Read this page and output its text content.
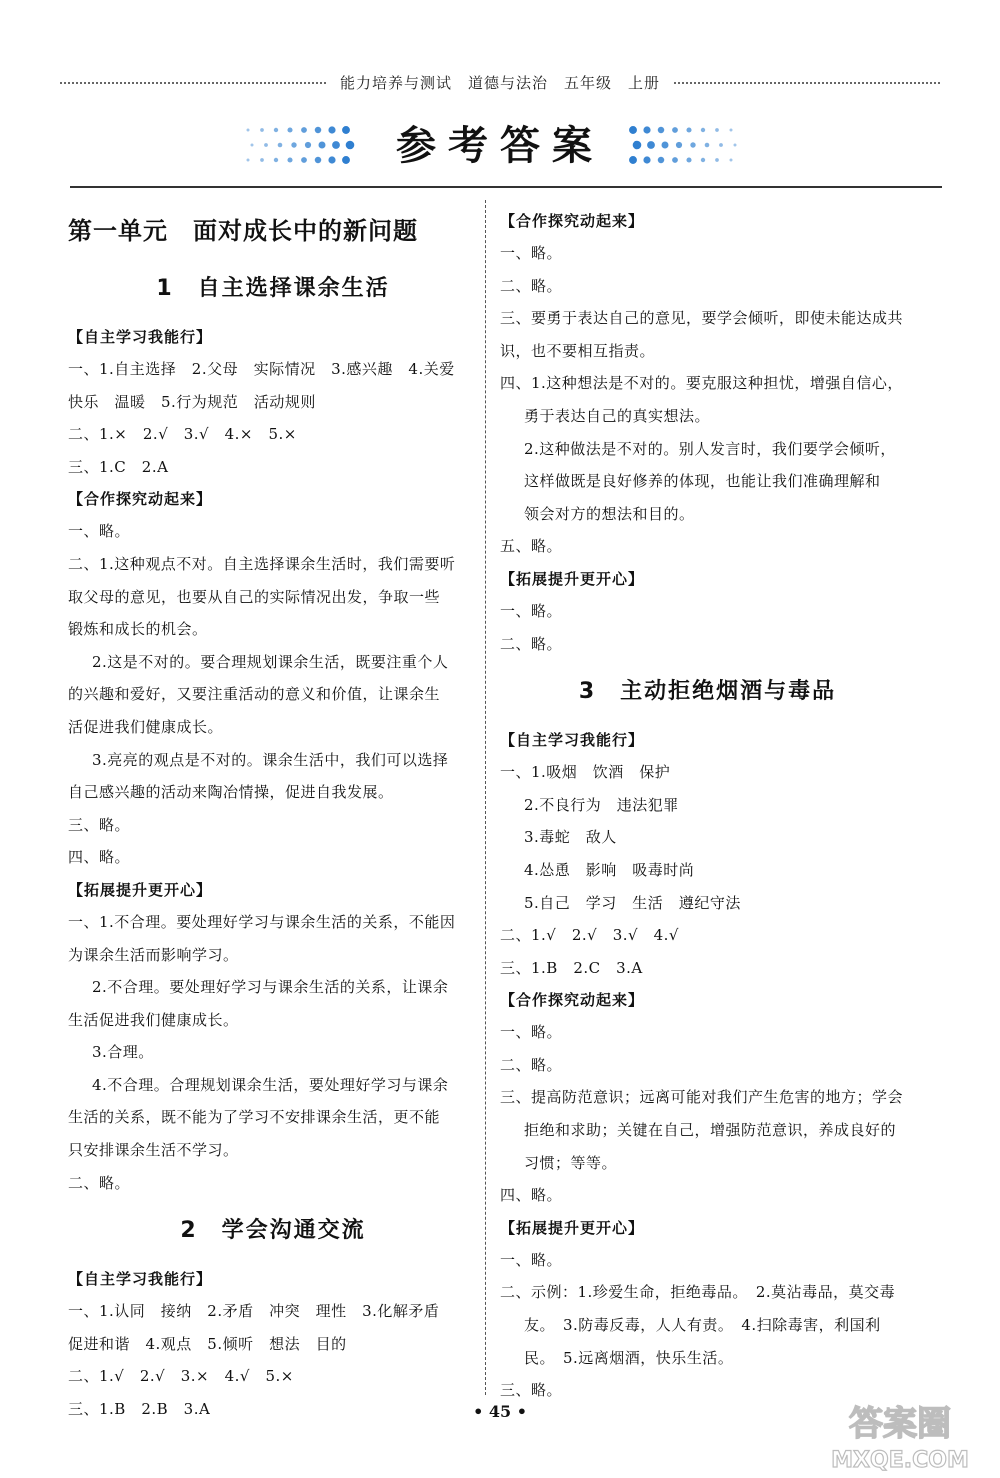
能力培养与测试　道德与法治　五年级　上册
参考答案
第一单元　面对成长中的新问题
1　自主选择课余生活
【自主学习我能行】
一、1.自主选择　2.父母　实际情况　3.感兴趣　4.关爱
快乐　温暖　5.行为规范　活动规则
二、1.×　2.√　3.√　4.×　5.×
三、1.C　2.A
【合作探究动起来】
一、略。
二、1.这种观点不对。自主选择课余生活时，我们需要听
取父母的意见，也要从自己的实际情况出发，争取一些
锻炼和成长的机会。
2.这是不对的。要合理规划课余生活，既要注重个人
的兴趣和爱好，又要注重活动的意义和价值，让课余生
活促进我们健康成长。
3.亮亮的观点是不对的。课余生活中，我们可以选择
自己感兴趣的活动来陶冶情操，促进自我发展。
三、略。
四、略。
【拓展提升更开心】
一、1.不合理。要处理好学习与课余生活的关系，不能因
为课余生活而影响学习。
2.不合理。要处理好学习与课余生活的关系，让课余
生活促进我们健康成长。
3.合理。
4.不合理。合理规划课余生活，要处理好学习与课余
生活的关系，既不能为了学习不安排课余生活，更不能
只安排课余生活不学习。
二、略。
2　学会沟通交流
【自主学习我能行】
一、1.认同　接纳　2.矛盾　冲突　理性　3.化解矛盾
促进和谐　4.观点　5.倾听　想法　目的
二、1.√　2.√　3.×　4.√　5.×
三、1.B　2.B　3.A
【合作探究动起来】
一、略。
二、略。
三、要勇于表达自己的意见，要学会倾听，即使未能达成共
识，也不要相互指责。
四、1.这种想法是不对的。要克服这种担忧，增强自信心，
勇于表达自己的真实想法。
2.这种做法是不对的。别人发言时，我们要学会倾听，
这样做既是良好修养的体现，也能让我们准确理解和
领会对方的想法和目的。
五、略。
【拓展提升更开心】
一、略。
二、略。
3　主动拒绝烟酒与毒品
【自主学习我能行】
一、1.吸烟　饮酒　保护
2.不良行为　违法犯罪
3.毒蛇　敌人
4.怂恿　影响　吸毒时尚
5.自己　学习　生活　遵纪守法
二、1.√　2.√　3.√　4.√
三、1.B　2.C　3.A
【合作探究动起来】
一、略。
二、略。
三、提高防范意识；远离可能对我们产生危害的地方；学会
拒绝和求助；关键在自己，增强防范意识，养成良好的
习惯；等等。
四、略。
【拓展提升更开心】
一、略。
二、示例：1.珍爱生命，拒绝毒品。　2.莫沾毒品，莫交毒
友。　3.防毒反毒，人人有责。　4.扫除毒害，利国利
民。　5.远离烟酒，快乐生活。
三、略。
• 45 •	答案圈
MXQE.COM
